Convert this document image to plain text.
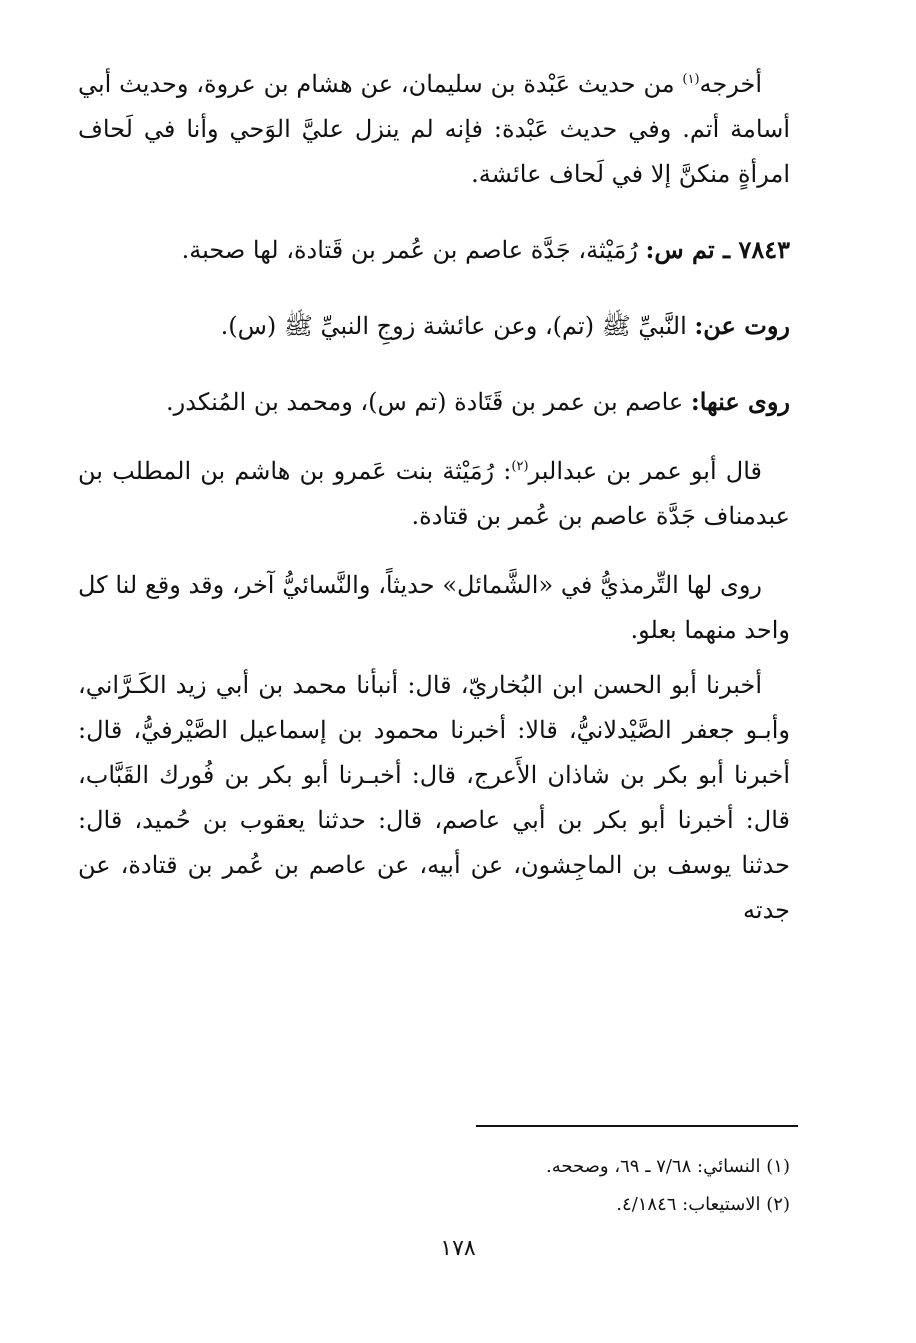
أخرجه$^{(١)}$ من حديث عَبْدة بن سليمان، عن هشام بن عروة، وحديث أبي أسامة أتم. وفي حديث عَبْدة: فإنه لم ينزل عليَّ الوَحي وأنا في لَحاف امرأةٍ منكنَّ إلا في لَحاف عائشة.

٧٨٤٣ ـ تم س: رُمَيْثة، جَدَّة عاصم بن عُمر بن قَتادة، لها صحبة.

روت عن: النَّبيِّ ﷺ (تم)، وعن عائشة زوجِ النبيِّ ﷺ (س).

روى عنها: عاصم بن عمر بن قَتَادة (تم س)، ومحمد بن المُنكدر.

قال أبو عمر بن عبدالبر$^{(٢)}$: رُمَيْثة بنت عَمرو بن هاشم بن المطلب بن عبدمناف جَدَّة عاصم بن عُمر بن قتادة.

روى لها التِّرمذيُّ في «الشَّمائل» حديثاً، والنَّسائيُّ آخر، وقد وقع لنا كل واحد منهما بعلو.

أخبرنا أبو الحسن ابن البُخاريّ، قال: أنبأنا محمد بن أبي زيد الكَـرَّاني، وأبـو جعفر الصَّيْدلانيُّ، قالا: أخبرنا محمود بن إسماعيل الصَّيْرفيُّ، قال: أخبرنا أبو بكر بن شاذان الأَعرج، قال: أخبـرنا أبو بكر بن فُورك القَبَّاب، قال: أخبرنا أبو بكر بن أبي عاصم، قال: حدثنا يعقوب بن حُميد، قال: حدثنا يوسف بن الماجِشون، عن أبيه، عن عاصم بن عُمر بن قتادة، عن جدته

(١) النسائي: ٧/٦٨ ـ ٦٩، وصححه.

(٢) الاستيعاب: ٤/١٨٤٦.

١٧٨
